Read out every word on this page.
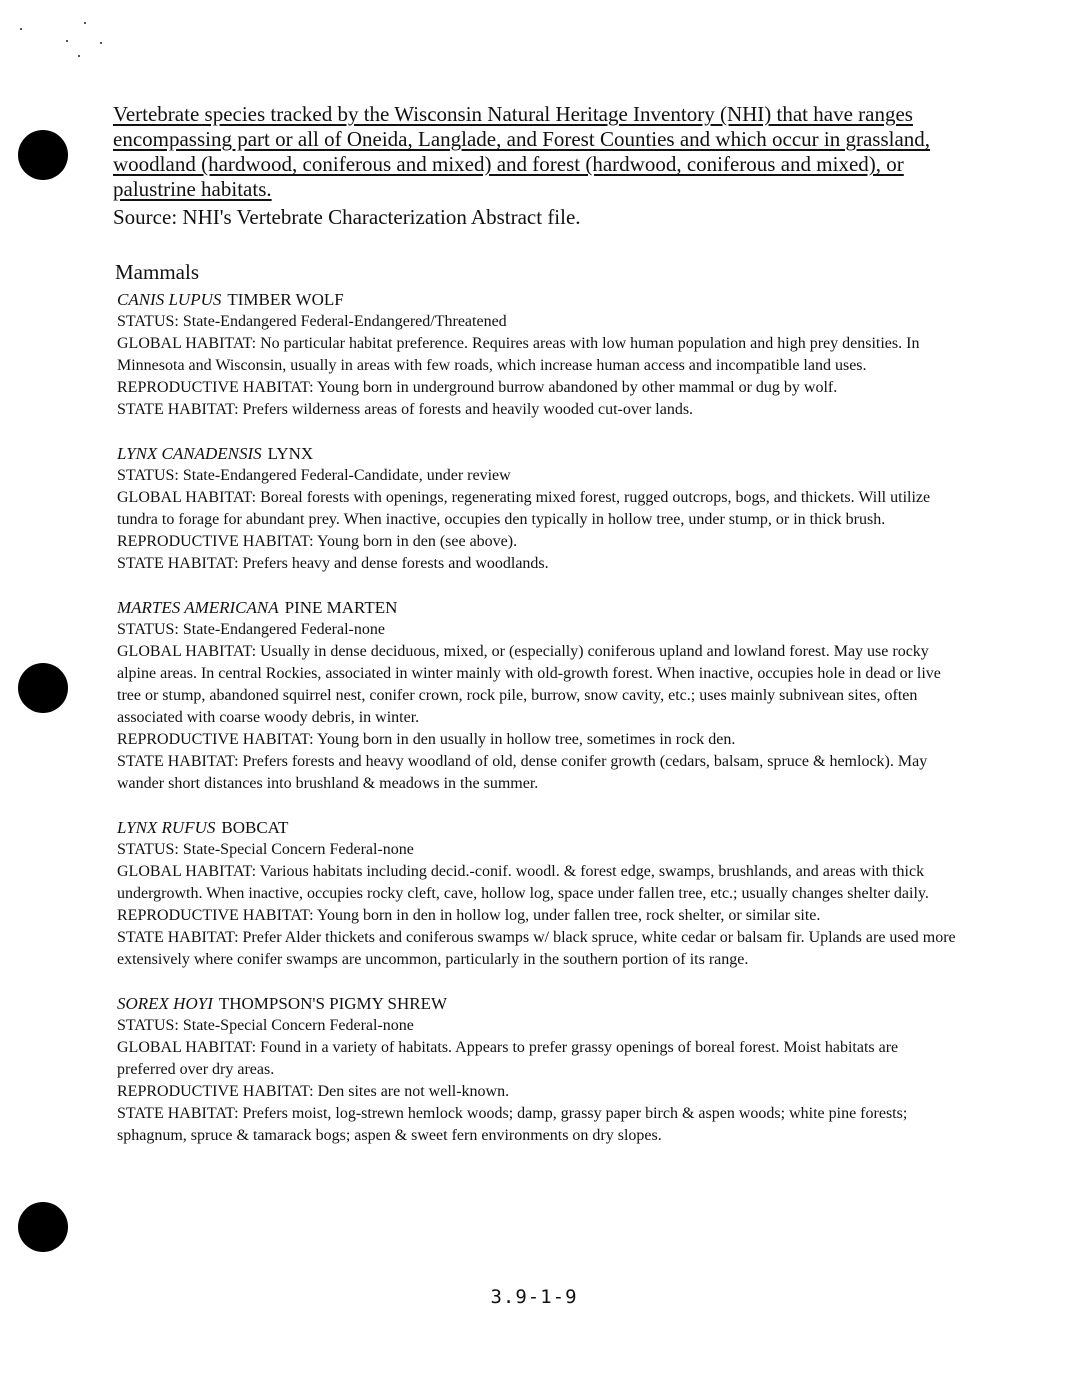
Vertebrate species tracked by the Wisconsin Natural Heritage Inventory (NHI) that have ranges encompassing part or all of Oneida, Langlade, and Forest Counties and which occur in grassland, woodland (hardwood, coniferous and mixed) and forest (hardwood, coniferous and mixed), or palustrine habitats.
Source: NHI's Vertebrate Characterization Abstract file.
Mammals
CANIS LUPUS TIMBER WOLF

STATUS: State-Endangered Federal-Endangered/Threatened

GLOBAL HABITAT: No particular habitat preference. Requires areas with low human population and high prey densities. In Minnesota and Wisconsin, usually in areas with few roads, which increase human access and incompatible land uses.

REPRODUCTIVE HABITAT: Young born in underground burrow abandoned by other mammal or dug by wolf.

STATE HABITAT: Prefers wilderness areas of forests and heavily wooded cut-over lands.

LYNX CANADENSIS LYNX

STATUS: State-Endangered Federal-Candidate, under review

GLOBAL HABITAT: Boreal forests with openings, regenerating mixed forest, rugged outcrops, bogs, and thickets. Will utilize tundra to forage for abundant prey. When inactive, occupies den typically in hollow tree, under stump, or in thick brush.

REPRODUCTIVE HABITAT: Young born in den (see above).

STATE HABITAT: Prefers heavy and dense forests and woodlands.

MARTES AMERICANA PINE MARTEN

STATUS: State-Endangered Federal-none

GLOBAL HABITAT: Usually in dense deciduous, mixed, or (especially) coniferous upland and lowland forest. May use rocky alpine areas. In central Rockies, associated in winter mainly with old-growth forest. When inactive, occupies hole in dead or live tree or stump, abandoned squirrel nest, conifer crown, rock pile, burrow, snow cavity, etc.; uses mainly subnivean sites, often associated with coarse woody debris, in winter.

REPRODUCTIVE HABITAT: Young born in den usually in hollow tree, sometimes in rock den.

STATE HABITAT: Prefers forests and heavy woodland of old, dense conifer growth (cedars, balsam, spruce & hemlock). May wander short distances into brushland & meadows in the summer.

LYNX RUFUS BOBCAT

STATUS: State-Special Concern Federal-none

GLOBAL HABITAT: Various habitats including decid.-conif. woodl. & forest edge, swamps, brushlands, and areas with thick undergrowth. When inactive, occupies rocky cleft, cave, hollow log, space under fallen tree, etc.; usually changes shelter daily.

REPRODUCTIVE HABITAT: Young born in den in hollow log, under fallen tree, rock shelter, or similar site.

STATE HABITAT: Prefer Alder thickets and coniferous swamps w/ black spruce, white cedar or balsam fir. Uplands are used more extensively where conifer swamps are uncommon, particularly in the southern portion of its range.

SOREX HOYI THOMPSON'S PIGMY SHREW

STATUS: State-Special Concern Federal-none

GLOBAL HABITAT: Found in a variety of habitats. Appears to prefer grassy openings of boreal forest. Moist habitats are preferred over dry areas.

REPRODUCTIVE HABITAT: Den sites are not well-known.

STATE HABITAT: Prefers moist, log-strewn hemlock woods; damp, grassy paper birch & aspen woods; white pine forests; sphagnum, spruce & tamarack bogs; aspen & sweet fern environments on dry slopes.

3.9-1-9
